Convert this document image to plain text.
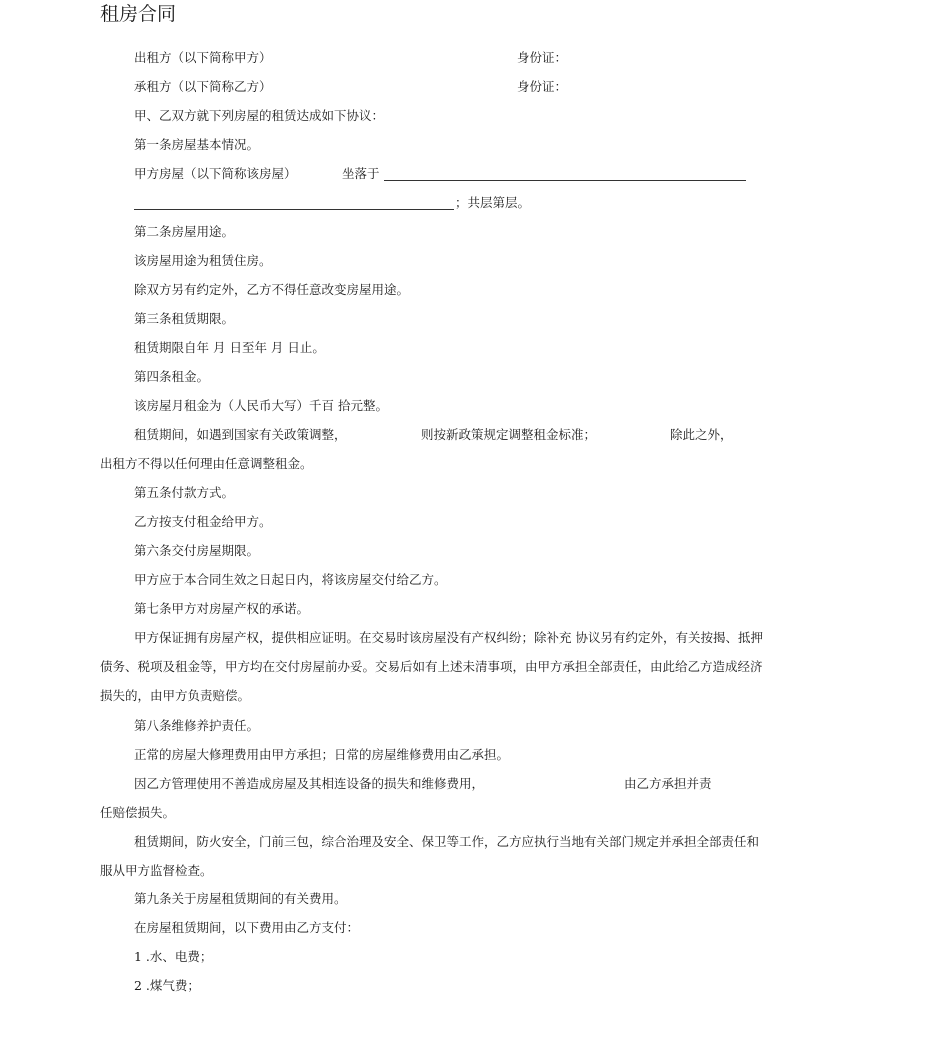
租房合同
出租方（以下简称甲方）	身份证：
承租方（以下简称乙方）	身份证：
甲、乙双方就下列房屋的租赁达成如下协议：
第一条房屋基本情况。
甲方房屋（以下简称该房屋）	坐落于
；共层第层。
第二条房屋用途。
该房屋用途为租赁住房。
除双方另有约定外，乙方不得任意改变房屋用途。
第三条租赁期限。
租赁期限自年 月 日至年 月 日止。
第四条租金。
该房屋月租金为（人民币大写）千百 拾元整。
租赁期间，如遇到国家有关政策调整，	则按新政策规定调整租金标准；	除此之外，
出租方不得以任何理由任意调整租金。
第五条付款方式。
乙方按支付租金给甲方。
第六条交付房屋期限。
甲方应于本合同生效之日起日内，将该房屋交付给乙方。
第七条甲方对房屋产权的承诺。
甲方保证拥有房屋产权，提供相应证明。在交易时该房屋没有产权纠纷；除补充 协议另有约定外，有关按揭、抵押
债务、税项及租金等，甲方均在交付房屋前办妥。交易后如有上述未清事项，由甲方承担全部责任，由此给乙方造成经济
损失的，由甲方负责赔偿。
第八条维修养护责任。
正常的房屋大修理费用由甲方承担；日常的房屋维修费用由乙承担。
因乙方管理使用不善造成房屋及其相连设备的损失和维修费用，	由乙方承担并责
任赔偿损失。
租赁期间，防火安全，门前三包，综合治理及安全、保卫等工作，乙方应执行当地有关部门规定并承担全部责任和
服从甲方监督检查。
第九条关于房屋租赁期间的有关费用。
在房屋租赁期间，以下费用由乙方支付：
1 .水、电费；
2 .煤气费；
